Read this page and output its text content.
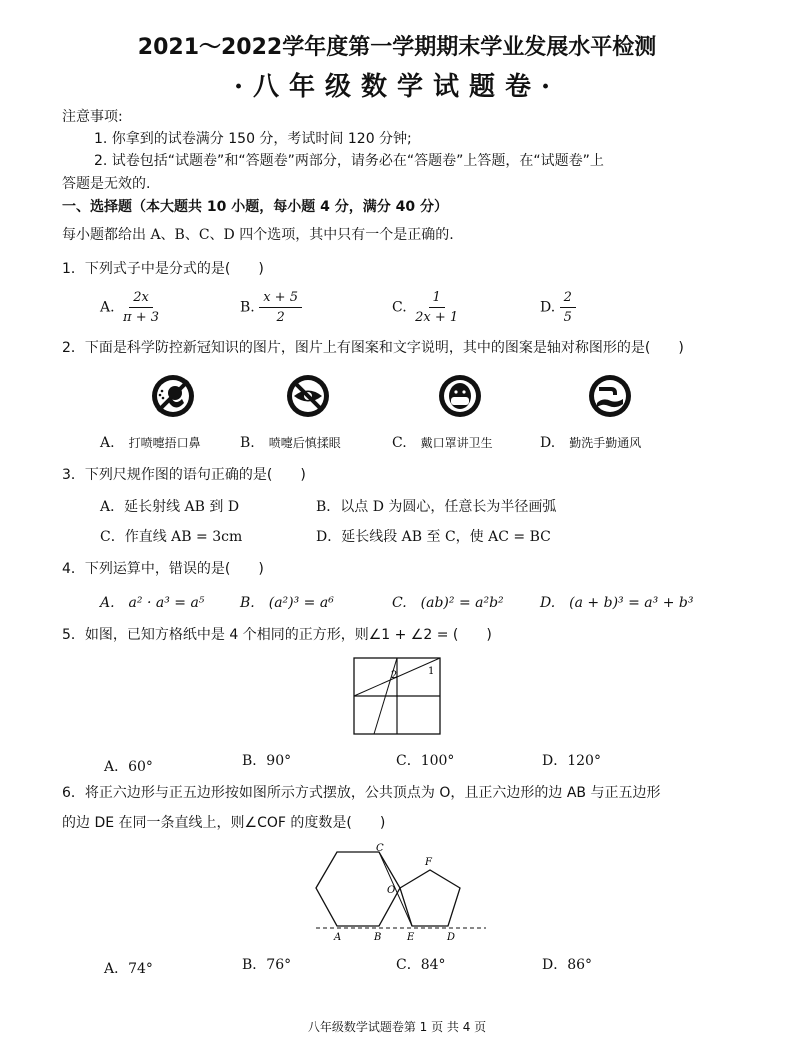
2021～2022学年度第一学期期末学业发展水平检测
·八年级数学试题卷·
注意事项:
1. 你拿到的试卷满分 150 分，考试时间 120 分钟;
2. 试卷包括“试题卷”和“答题卷”两部分，请务必在“答题卷”上答题，在“试题卷”上
答题是无效的.
一、选择题（本大题共 10 小题，每小题 4 分，满分 40 分）
每小题都给出 A、B、C、D 四个选项，其中只有一个是正确的.
1．下列式子中是分式的是(　　)
A. $\frac{2x}{\pi + 3}$	B. $\frac{x + 5}{2}$	C. $\frac{1}{2x + 1}$	D. $\frac{2}{5}$
2．下面是科学防控新冠知识的图片，图片上有图案和文字说明，其中的图案是轴对称图形的是(　　)
A.　 打喷嚏捂口鼻	B.　 喷嚏后慎揉眼	C.　 戴口罩讲卫生	D.　 勤洗手勤通风
3．下列尺规作图的语句正确的是(　　)
A．延长射线 AB 到 D	B．以点 D 为圆心，任意长为半径画弧
C．作直线 AB = 3cm	D．延长线段 AB 至 C，使 AC = BC
4．下列运算中，错误的是(　　)
A.　a² · a³ = a⁵	B.　(a²)³ = a⁶	C.　(ab)² = a²b²	D.　(a + b)³ = a³ + b³
5．如图，已知方格纸中是 4 个相同的正方形，则∠1 + ∠2 = (　　)
2	1
A．60°	B．90°	C．100°	D．120°
6．将正六边形与正五边形按如图所示方式摆放，公共顶点为 O，且正六边形的边 AB 与正五边形
的边 DE 在同一条直线上，则∠COF 的度数是(　　)
C
F
O
A	B	E	D
A．74°	B．76°	C．84°	D．86°
八年级数学试题卷第 1 页 共 4 页
